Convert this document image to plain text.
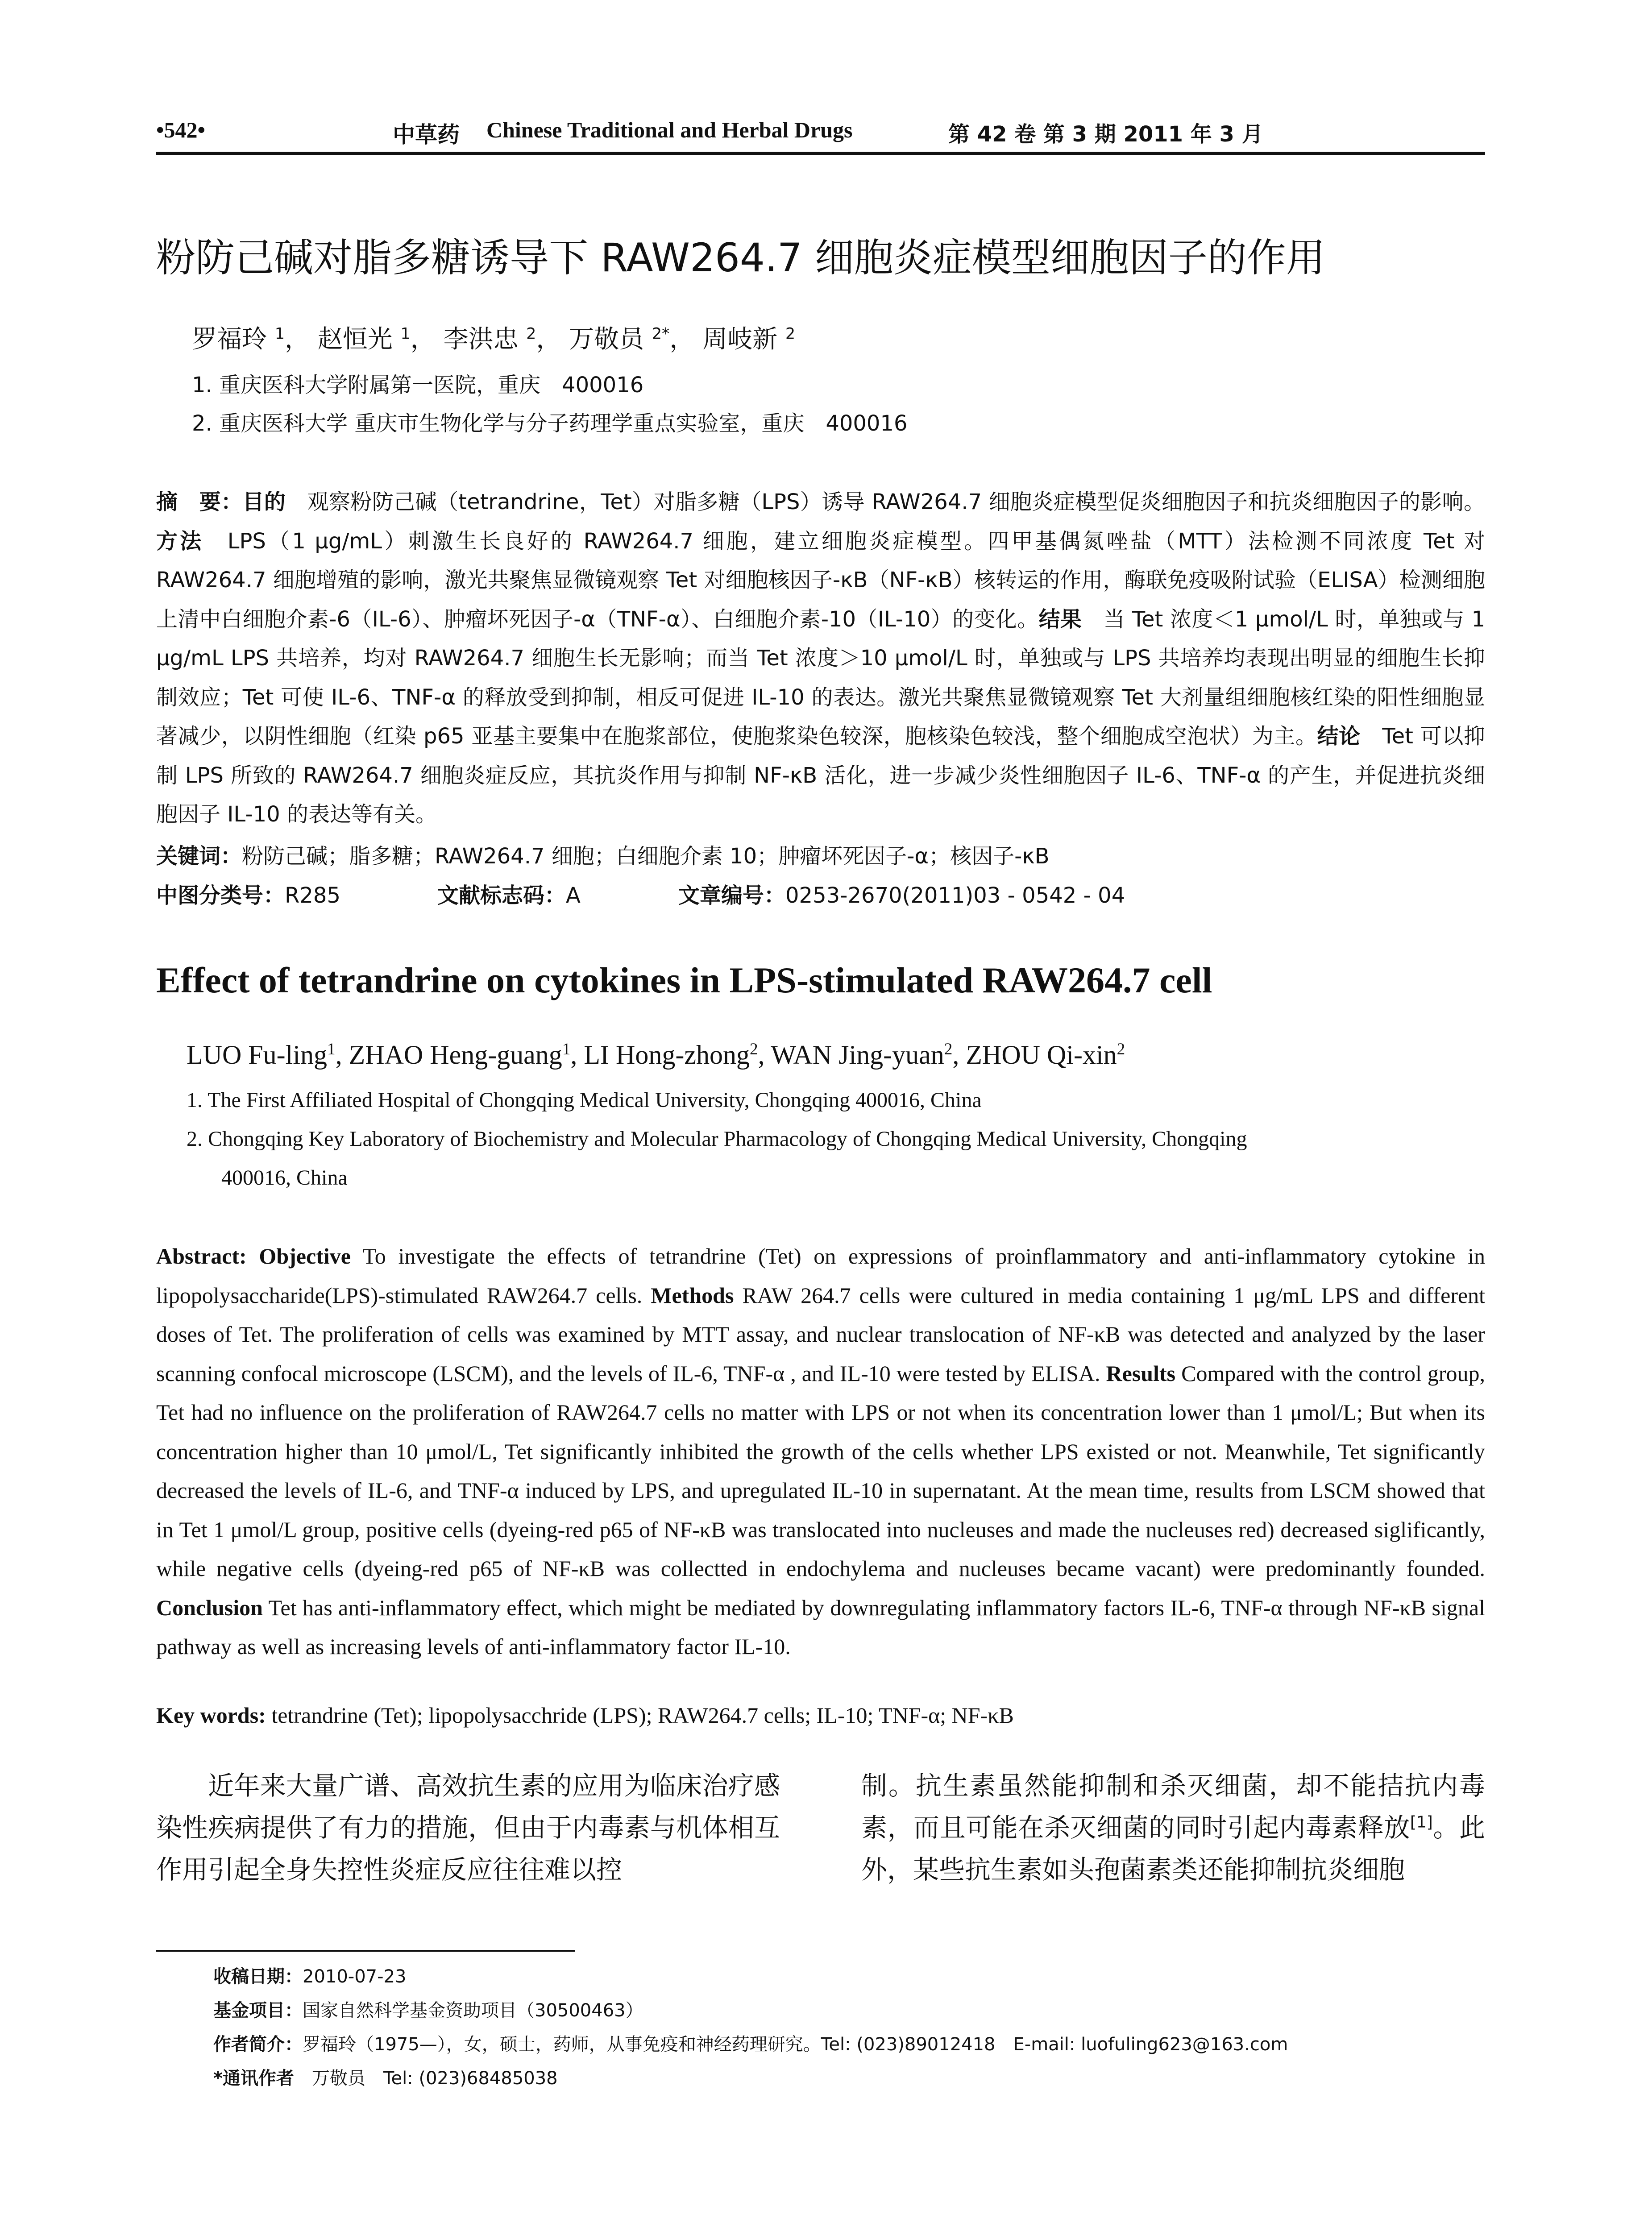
•542•	中草药 Chinese Traditional and Herbal Drugs	第 42 卷 第 3 期 2011 年 3 月
粉防己碱对脂多糖诱导下 RAW264.7 细胞炎症模型细胞因子的作用
罗福玲 $^1$， 赵恒光 $^1$， 李洪忠 $^2$， 万敬员 $^{2*}$， 周岐新 $^2$
1. 重庆医科大学附属第一医院，重庆　400016
2. 重庆医科大学 重庆市生物化学与分子药理学重点实验室，重庆　400016
摘　要：目的　观察粉防己碱（tetrandrine，Tet）对脂多糖（LPS）诱导 RAW264.7 细胞炎症模型促炎细胞因子和抗炎细胞因子的影响。方法　LPS（1 μg/mL）刺激生长良好的 RAW264.7 细胞，建立细胞炎症模型。四甲基偶氮唑盐（MTT）法检测不同浓度 Tet 对 RAW264.7 细胞增殖的影响，激光共聚焦显微镜观察 Tet 对细胞核因子-κB（NF-κB）核转运的作用，酶联免疫吸附试验（ELISA）检测细胞上清中白细胞介素-6（IL-6）、肿瘤坏死因子-α（TNF-α）、白细胞介素-10（IL-10）的变化。结果　当 Tet 浓度＜1 μmol/L 时，单独或与 1 μg/mL LPS 共培养，均对 RAW264.7 细胞生长无影响；而当 Tet 浓度＞10 μmol/L 时，单独或与 LPS 共培养均表现出明显的细胞生长抑制效应；Tet 可使 IL-6、TNF-α 的释放受到抑制，相反可促进 IL-10 的表达。激光共聚焦显微镜观察 Tet 大剂量组细胞核红染的阳性细胞显著减少，以阴性细胞（红染 p65 亚基主要集中在胞浆部位，使胞浆染色较深，胞核染色较浅，整个细胞成空泡状）为主。结论　Tet 可以抑制 LPS 所致的 RAW264.7 细胞炎症反应，其抗炎作用与抑制 NF-κB 活化，进一步减少炎性细胞因子 IL-6、TNF-α 的产生，并促进抗炎细胞因子 IL-10 的表达等有关。
关键词：粉防己碱；脂多糖；RAW264.7 细胞；白细胞介素 10；肿瘤坏死因子-α；核因子-κB
中图分类号：R285	文献标志码：A	文章编号：0253-2670(2011)03 - 0542 - 04
Effect of tetrandrine on cytokines in LPS-stimulated RAW264.7 cell
LUO Fu-ling$^1$, ZHAO Heng-guang$^1$, LI Hong-zhong$^2$, WAN Jing-yuan$^2$, ZHOU Qi-xin$^2$
1. The First Affiliated Hospital of Chongqing Medical University, Chongqing 400016, China
2. Chongqing Key Laboratory of Biochemistry and Molecular Pharmacology of Chongqing Medical University, Chongqing
400016, China
Abstract: Objective To investigate the effects of tetrandrine (Tet) on expressions of proinflammatory and anti-inflammatory cytokine in lipopolysaccharide(LPS)-stimulated RAW264.7 cells. Methods RAW 264.7 cells were cultured in media containing 1 μg/mL LPS and different doses of Tet. The proliferation of cells was examined by MTT assay, and nuclear translocation of NF-κB was detected and analyzed by the laser scanning confocal microscope (LSCM), and the levels of IL-6, TNF-α , and IL-10 were tested by ELISA. Results Compared with the control group, Tet had no influence on the proliferation of RAW264.7 cells no matter with LPS or not when its concentration lower than 1 μmol/L; But when its concentration higher than 10 μmol/L, Tet significantly inhibited the growth of the cells whether LPS existed or not. Meanwhile, Tet significantly decreased the levels of IL-6, and TNF-α induced by LPS, and upregulated IL-10 in supernatant. At the mean time, results from LSCM showed that in Tet 1 μmol/L group, positive cells (dyeing-red p65 of NF-κB was translocated into nucleuses and made the nucleuses red) decreased siglificantly, while negative cells (dyeing-red p65 of NF-κB was collectted in endochylema and nucleuses became vacant) were predominantly founded. Conclusion Tet has anti-inflammatory effect, which might be mediated by downregulating inflammatory factors IL-6, TNF-α through NF-κB signal pathway as well as increasing levels of anti-inflammatory factor IL-10.
Key words: tetrandrine (Tet); lipopolysacchride (LPS); RAW264.7 cells; IL-10; TNF-α; NF-κB
近年来大量广谱、高效抗生素的应用为临床治疗感染性疾病提供了有力的措施，但由于内毒素与机体相互作用引起全身失控性炎症反应往往难以控
制。抗生素虽然能抑制和杀灭细菌，却不能拮抗内毒素，而且可能在杀灭细菌的同时引起内毒素释放[1]。此外，某些抗生素如头孢菌素类还能抑制抗炎细胞
收稿日期：2010-07-23
基金项目：国家自然科学基金资助项目（30500463）
作者简介：罗福玲（1975—），女，硕士，药师，从事免疫和神经药理研究。Tel: (023)89012418　E-mail: luofuling623@163.com
*通讯作者　万敬员　Tel: (023)68485038
